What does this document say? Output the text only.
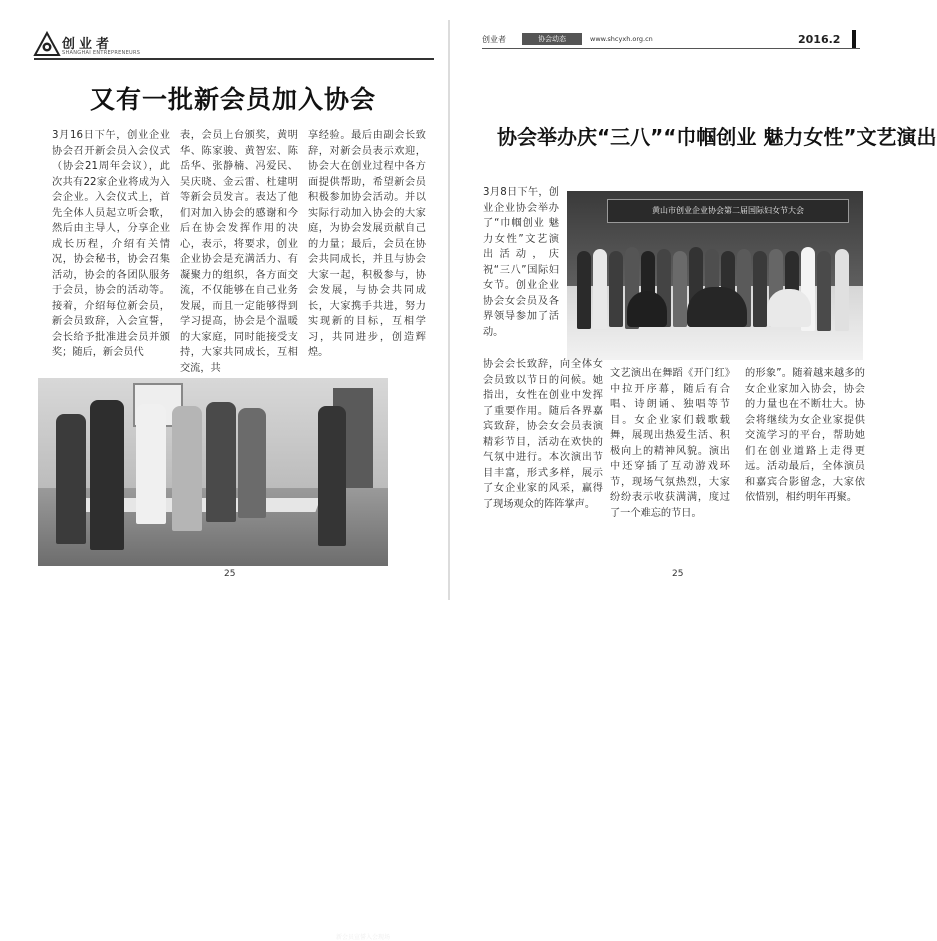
创业者
SHANGHAI ENTREPRENEURS
又有一批新会员加入协会
3月16日下午，创业企业协会召开新会员入会仪式（协会21周年会议），此次共有22家企业将成为入会企业。入会仪式上，首先全体人员起立听会歌，然后由主导人，分享企业成长历程，介绍有关情况，协会秘书，协会召集活动，协会的各团队服务于会员，协会的活动等。接着，介绍每位新会员，新会员致辞，入会宣誓，会长给予批准进会员并颁奖；随后，新会员代
表，会员上台颁奖，黄明华、陈家骏、黄智宏、陈岳华、张静楠、冯爱民、吴庆晓、金云雷、杜建明等新会员发言。表达了他们对加入协会的感谢和今后在协会发挥作用的决心，表示，将要求，创业企业协会是充满活力、有凝聚力的组织，各方面交流，不仅能够在自己业务发展，而且一定能够得到学习提高，协会是个温暖的大家庭，同时能接受支持，大家共同成长，互相交流，共
享经验。最后由副会长致辞，对新会员表示欢迎，协会大在创业过程中各方面提供帮助，希望新会员积极参加协会活动。并以实际行动加入协会的大家庭，为协会发展贡献自己的力量；最后，会员在协会共同成长，并且与协会大家一起，积极参与，协会发展，与协会共同成长，大家携手共进，努力实现新的目标，互相学习，共同进步，创造辉煌。
新会员宣誓入会现场
25
创业者	协会动态	www.shcyxh.org.cn	2016.2
协会举办庆“三八”“巾帼创业 魅力女性”文艺演出
3月8日下午，创业企业协会举办了“巾帼创业 魅力女性”文艺演出活动，庆祝“三八”国际妇女节。创业企业协会女会员及各界领导参加了活动。
黄山市创业企业协会第二届国际妇女节大会
协会会长致辞，向全体女会员致以节日的问候。她指出，女性在创业中发挥了重要作用。随后各界嘉宾致辞，协会女会员表演精彩节目，活动在欢快的气氛中进行。本次演出节目丰富，形式多样，展示了女企业家的风采，赢得了现场观众的阵阵掌声。
文艺演出在舞蹈《开门红》中拉开序幕，随后有合唱、诗朗诵、独唱等节目。女企业家们载歌载舞，展现出热爱生活、积极向上的精神风貌。演出中还穿插了互动游戏环节，现场气氛热烈，大家纷纷表示收获满满，度过了一个难忘的节日。
的形象”。随着越来越多的女企业家加入协会，协会的力量也在不断壮大。协会将继续为女企业家提供交流学习的平台，帮助她们在创业道路上走得更远。活动最后，全体演员和嘉宾合影留念，大家依依惜别，相约明年再聚。
25
